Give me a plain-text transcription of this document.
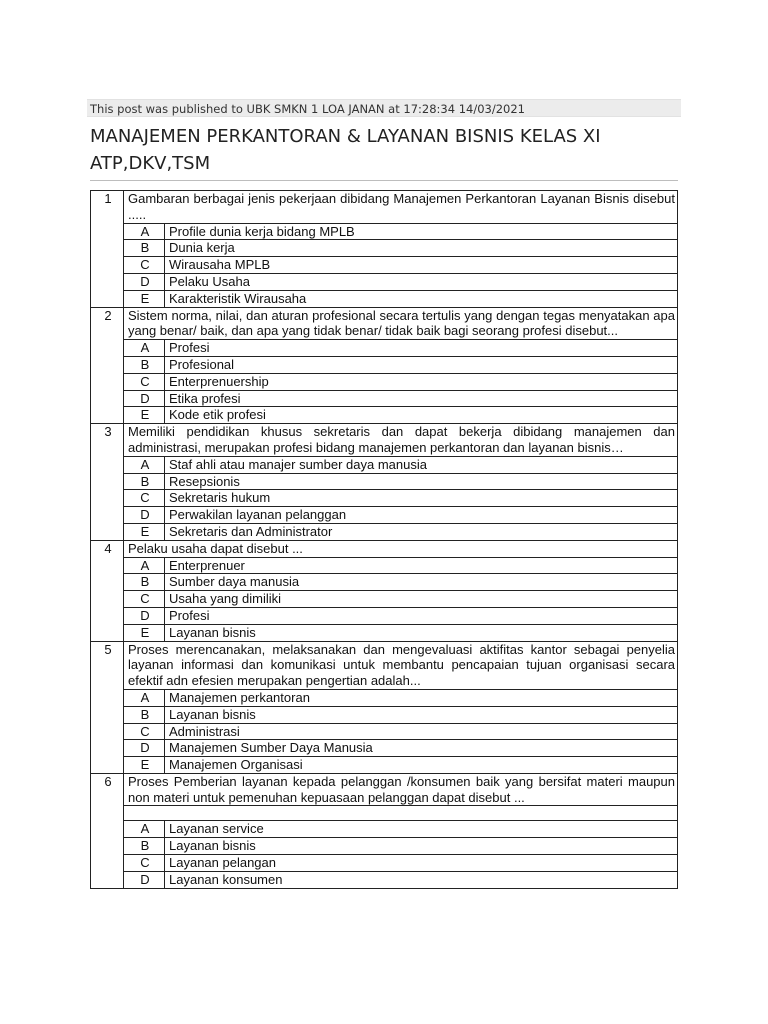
This post was published to UBK SMKN 1 LOA JANAN at 17:28:34 14/03/2021
MANAJEMEN PERKANTORAN & LAYANAN BISNIS KELAS XI ATP,DKV,TSM
1	Gambaran berbagai jenis pekerjaan dibidang Manajemen Perkantoran Layanan Bisnis disebut .....	
	A	Profile dunia kerja bidang MPLB
	B	Dunia kerja
	C	Wirausaha MPLB
	D	Pelaku Usaha
	E	Karakteristik Wirausaha
2	Sistem norma, nilai, dan aturan profesional secara tertulis yang dengan tegas menyatakan apa yang benar/ baik, dan apa yang tidak benar/ tidak baik bagi seorang profesi disebut...	
	A	Profesi
	B	Profesional
	C	Enterprenuership
	D	Etika profesi
	E	Kode etik profesi
3	Memiliki pendidikan khusus sekretaris dan dapat bekerja dibidang manajemen dan administrasi, merupakan profesi bidang manajemen perkantoran dan layanan bisnis…	
	A	Staf ahli atau manajer sumber daya manusia
	B	Resepsionis
	C	Sekretaris hukum
	D	Perwakilan layanan pelanggan
	E	Sekretaris dan Administrator
4	Pelaku usaha dapat disebut ...	
	A	Enterprenuer
	B	Sumber daya manusia
	C	Usaha yang dimiliki
	D	Profesi
	E	Layanan bisnis
5	Proses merencanakan, melaksanakan dan mengevaluasi aktifitas kantor sebagai penyelia layanan informasi dan komunikasi untuk membantu pencapaian tujuan organisasi secara efektif adn efesien merupakan pengertian adalah...	
	A	Manajemen perkantoran
	B	Layanan bisnis
	C	Administrasi
	D	Manajemen Sumber Daya Manusia
	E	Manajemen Organisasi
6	Proses Pemberian layanan kepada pelanggan /konsumen baik yang bersifat materi maupun non materi untuk pemenuhan kepuasaan pelanggan dapat disebut ...	

	A	Layanan service
	B	Layanan bisnis
	C	Layanan pelangan
	D	Layanan konsumen
